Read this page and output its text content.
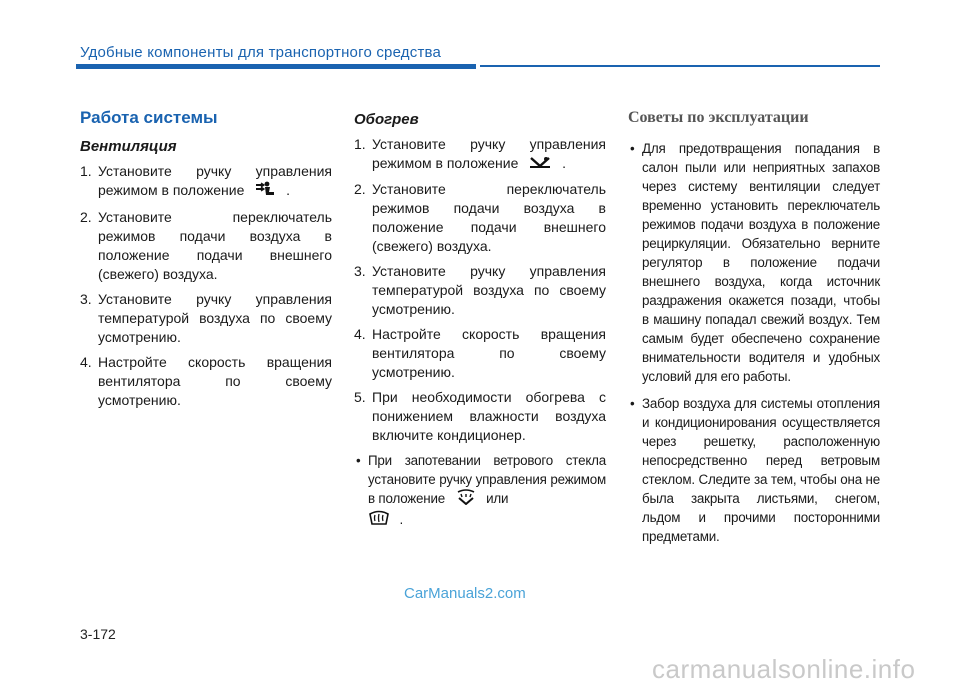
Удобные компоненты для транспортного средства
Работа системы
Вентиляция
1. Установите ручку управления режимом в положение	.
2. Установите переключатель режимов подачи воздуха в положение подачи внешнего (свежего) воздуха.
3. Установите ручку управления температурой воздуха по своему усмотрению.
4. Настройте скорость вращения вентилятора по своему усмотрению.
Обогрев
1. Установите ручку управления режимом в положение	.
2. Установите переключатель режимов подачи воздуха в положение подачи внешнего (свежего) воздуха.
3. Установите ручку управления температурой воздуха по своему усмотрению.
4. Настройте скорость вращения вентилятора по своему усмотрению.
5. При необходимости обогрева с понижением влажности воздуха включите кондиционер.
• При запотевании ветрового стекла установите ручку управления режимом в положение	или
.
Советы по эксплуатации
• Для предотвращения попадания в салон пыли или неприятных запахов через систему вентиляции следует временно установить переключатель режимов подачи воздуха в положение рециркуляции. Обязательно верните регулятор в положение подачи внешнего воздуха, когда источник раздражения окажется позади, чтобы в машину попадал свежий воздух. Тем самым будет обеспечено сохранение внимательности водителя и удобных условий для его работы.
• Забор воздуха для системы отопления и кондиционирования осуществляется через решетку, расположенную непосредственно перед ветровым стеклом. Следите за тем, чтобы она не была закрыта листьями, снегом, льдом и прочими посторонними предметами.
CarManuals2.com
3-172
carmanualsonline.info
